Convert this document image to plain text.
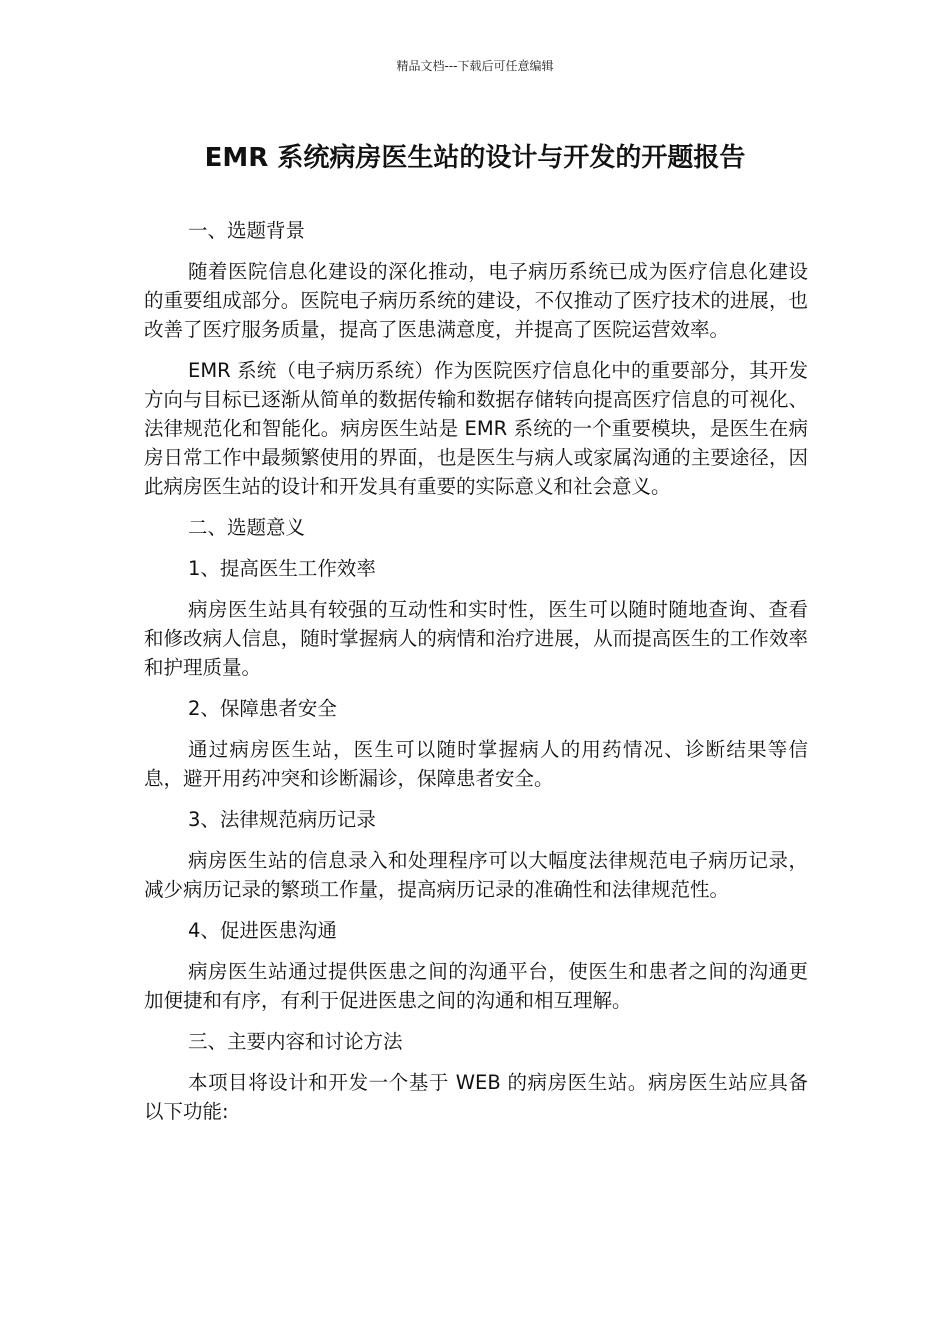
精品文档---下载后可任意编辑
EMR 系统病房医生站的设计与开发的开题报告
一、选题背景
随着医院信息化建设的深化推动，电子病历系统已成为医疗信息化建设的重要组成部分。医院电子病历系统的建设，不仅推动了医疗技术的进展，也改善了医疗服务质量，提高了医患满意度，并提高了医院运营效率。
EMR 系统（电子病历系统）作为医院医疗信息化中的重要部分，其开发方向与目标已逐渐从简单的数据传输和数据存储转向提高医疗信息的可视化、法律规范化和智能化。病房医生站是 EMR 系统的一个重要模块，是医生在病房日常工作中最频繁使用的界面，也是医生与病人或家属沟通的主要途径，因此病房医生站的设计和开发具有重要的实际意义和社会意义。
二、选题意义
1、提高医生工作效率
病房医生站具有较强的互动性和实时性，医生可以随时随地查询、查看和修改病人信息，随时掌握病人的病情和治疗进展，从而提高医生的工作效率和护理质量。
2、保障患者安全
通过病房医生站，医生可以随时掌握病人的用药情况、诊断结果等信息，避开用药冲突和诊断漏诊，保障患者安全。
3、法律规范病历记录
病房医生站的信息录入和处理程序可以大幅度法律规范电子病历记录，减少病历记录的繁琐工作量，提高病历记录的准确性和法律规范性。
4、促进医患沟通
病房医生站通过提供医患之间的沟通平台，使医生和患者之间的沟通更加便捷和有序，有利于促进医患之间的沟通和相互理解。
三、主要内容和讨论方法
本项目将设计和开发一个基于 WEB 的病房医生站。病房医生站应具备以下功能:
